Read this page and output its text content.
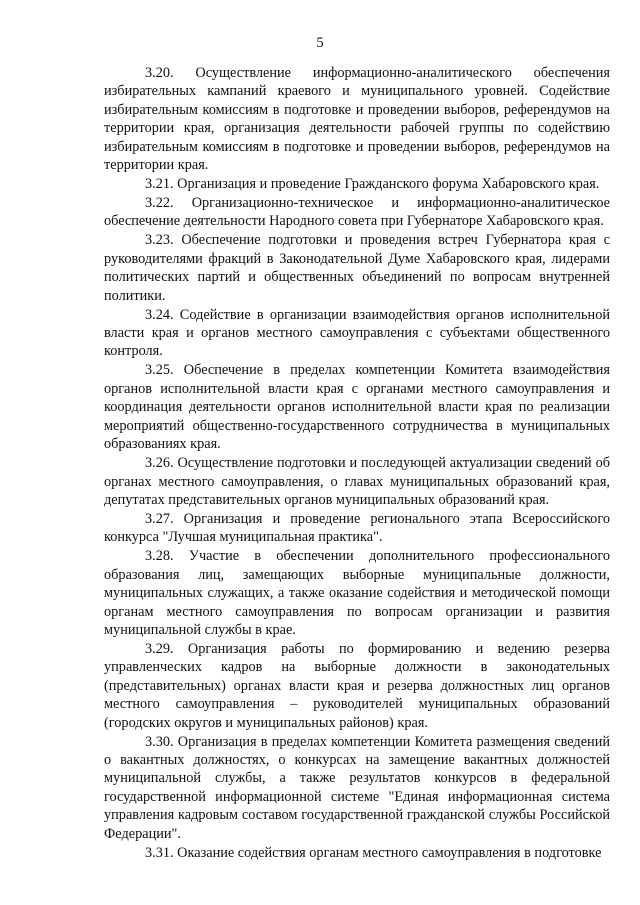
5

3.20. Осуществление информационно-аналитического обеспечения избирательных кампаний краевого и муниципального уровней. Содействие избирательным комиссиям в подготовке и проведении выборов, референдумов на территории края, организация деятельности рабочей группы по содействию избирательным комиссиям в подготовке и проведении выборов, референдумов на территории края.

3.21. Организация и проведение Гражданского форума Хабаровского края.

3.22. Организационно-техническое и информационно-аналитическое обеспечение деятельности Народного совета при Губернаторе Хабаровского края.

3.23. Обеспечение подготовки и проведения встреч Губернатора края с руководителями фракций в Законодательной Думе Хабаровского края, лидерами политических партий и общественных объединений по вопросам внутренней политики.

3.24. Содействие в организации взаимодействия органов исполнительной власти края и органов местного самоуправления с субъектами общественного контроля.

3.25. Обеспечение в пределах компетенции Комитета взаимодействия органов исполнительной власти края с органами местного самоуправления и координация деятельности органов исполнительной власти края по реализации мероприятий общественно-государственного сотрудничества в муниципальных образованиях края.

3.26. Осуществление подготовки и последующей актуализации сведений об органах местного самоуправления, о главах муниципальных образований края, депутатах представительных органов муниципальных образований края.

3.27. Организация и проведение регионального этапа Всероссийского конкурса "Лучшая муниципальная практика".

3.28. Участие в обеспечении дополнительного профессионального образования лиц, замещающих выборные муниципальные должности, муниципальных служащих, а также оказание содействия и методической помощи органам местного самоуправления по вопросам организации и развития муниципальной службы в крае.

3.29. Организация работы по формированию и ведению резерва управленческих кадров на выборные должности в законодательных (представительных) органах власти края и резерва должностных лиц органов местного самоуправления – руководителей муниципальных образований (городских округов и муниципальных районов) края.

3.30. Организация в пределах компетенции Комитета размещения сведений о вакантных должностях, о конкурсах на замещение вакантных должностей муниципальной службы, а также результатов конкурсов в федеральной государственной информационной системе "Единая информационная система управления кадровым составом государственной гражданской службы Российской Федерации".

3.31. Оказание содействия органам местного самоуправления в подготовке
